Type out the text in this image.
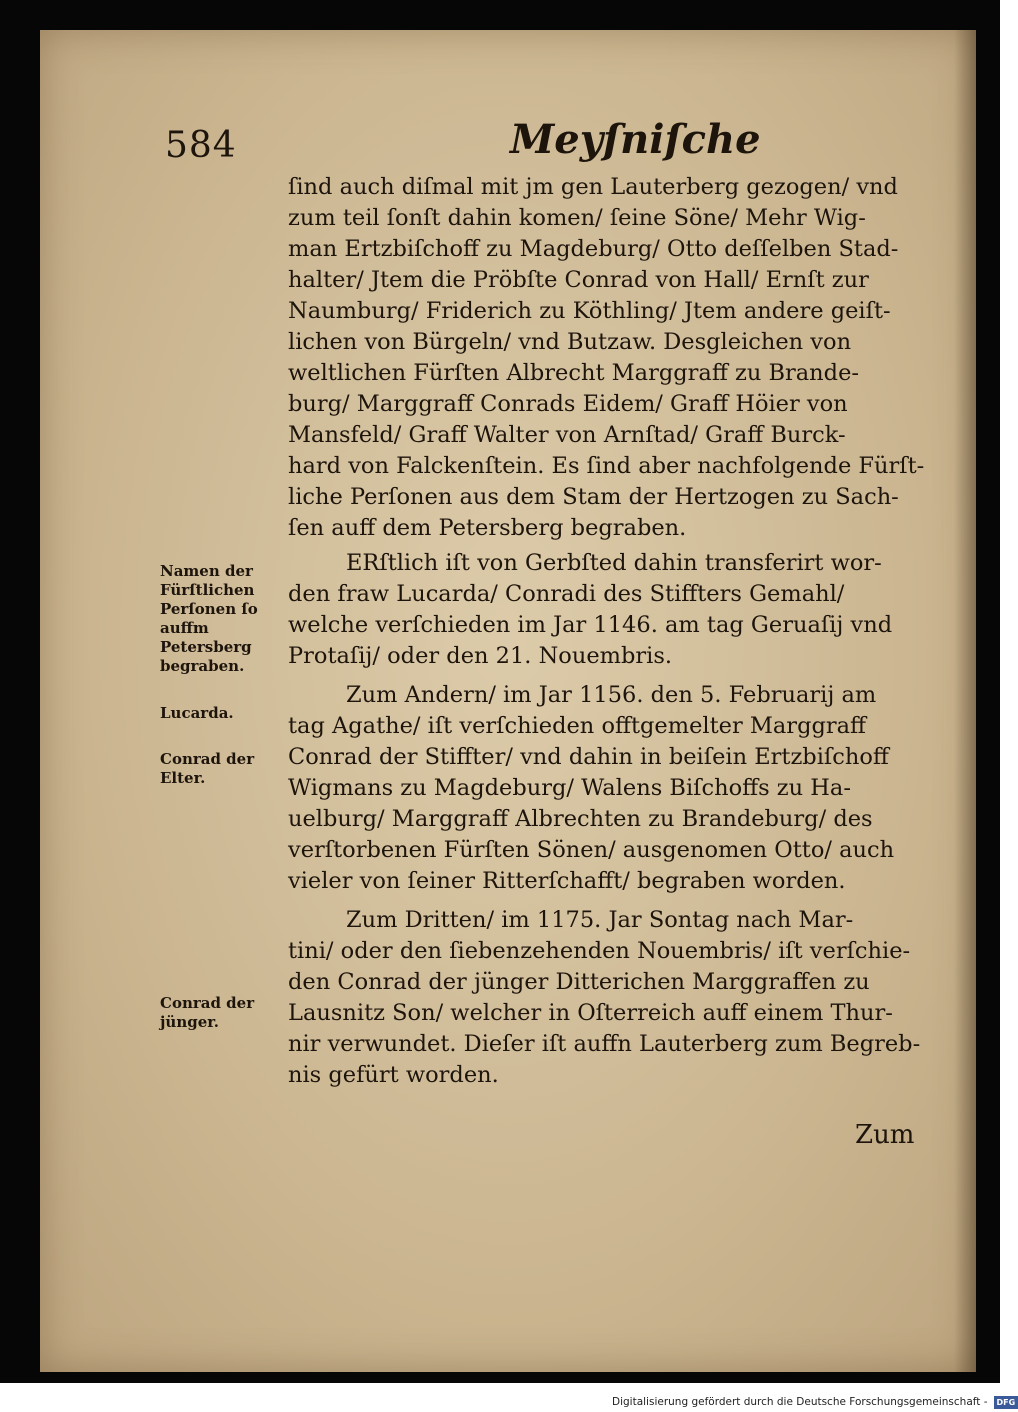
584	Meyſniſche
ſind auch diſmal mit jm gen Lauterberg gezogen/ vnd
zum teil ſonſt dahin komen/ ſeine Söne/ Mehr Wig-
man Ertzbiſchoff zu Magdeburg/ Otto deſſelben Stad-
halter/ Jtem die Pröbſte Conrad von Hall/ Ernſt zur
Naumburg/ Friderich zu Köthling/ Jtem andere geiſt-
lichen von Bürgeln/ vnd Butzaw. Desgleichen von
weltlichen Fürſten Albrecht Marggraff zu Brande-
burg/ Marggraff Conrads Eidem/ Graff Höier von
Mansfeld/ Graff Walter von Arnſtad/ Graff Burck-
hard von Falckenſtein. Es ſind aber nachfolgende Fürſt-
liche Perſonen aus dem Stam der Hertzogen zu Sach-
ſen auff dem Petersberg begraben.
ERſtlich iſt von Gerbſted dahin transferirt wor-
den fraw Lucarda/ Conradi des Stiffters Gemahl/
welche verſchieden im Jar 1146. am tag Geruaſij vnd
Protaſij/ oder den 21. Nouembris.
Zum Andern/ im Jar 1156. den 5. Februarij am
tag Agathe/ iſt verſchieden offtgemelter Marggraff
Conrad der Stiffter/ vnd dahin in beiſein Ertzbiſchoff
Wigmans zu Magdeburg/ Walens Biſchoffs zu Ha-
uelburg/ Marggraff Albrechten zu Brandeburg/ des
verſtorbenen Fürſten Sönen/ ausgenomen Otto/ auch
vieler von ſeiner Ritterſchafft/ begraben worden.
Zum Dritten/ im 1175. Jar Sontag nach Mar-
tini/ oder den ſiebenzehenden Nouembris/ iſt verſchie-
den Conrad der jünger Ditterichen Marggraffen zu
Lausnitz Son/ welcher in Oſterreich auff einem Thur-
nir verwundet. Dieſer iſt auffn Lauterberg zum Begreb-
nis gefürt worden.
Namen der Fürſtlichen Perſonen ſo auffm Petersberg begraben.
Lucarda.
Conrad der Elter.
Conrad der jünger.
Zum
Digitalisierung gefördert durch die Deutsche Forschungsgemeinschaft - DFG
